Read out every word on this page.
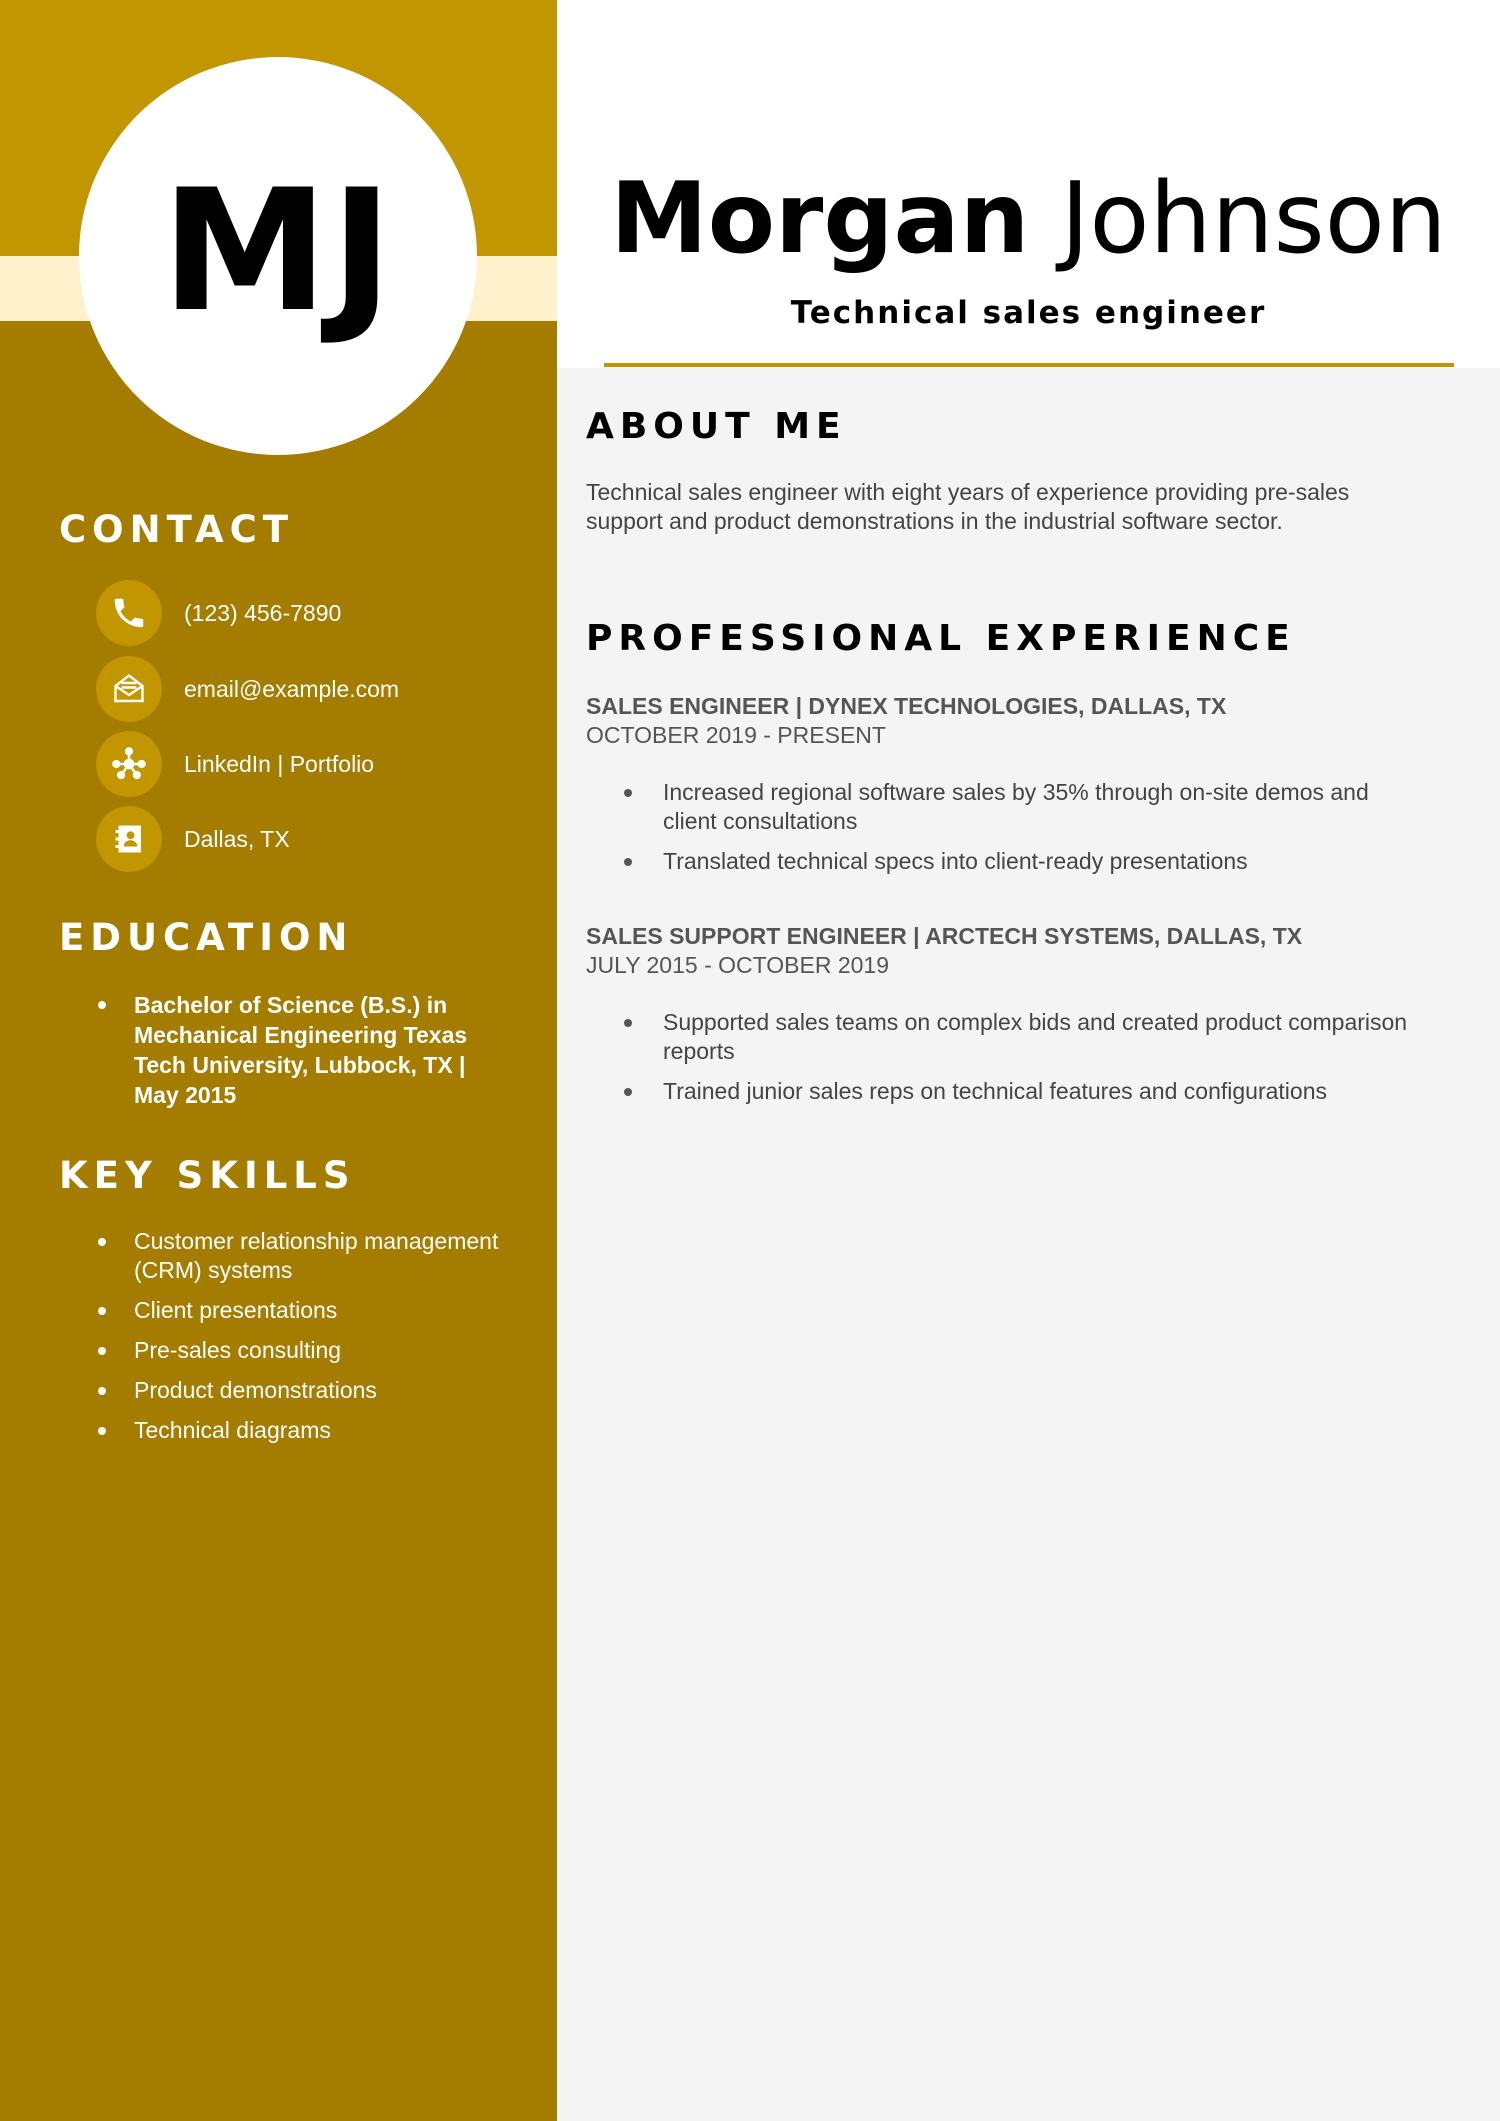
MJ
CONTACT
(123) 456-7890
email@example.com
LinkedIn | Portfolio
Dallas, TX
EDUCATION
Bachelor of Science (B.S.) in Mechanical Engineering Texas Tech University, Lubbock, TX | May 2015
KEY SKILLS
Customer relationship management (CRM) systems
Client presentations
Pre-sales consulting
Product demonstrations
Technical diagrams
Morgan Johnson
Technical sales engineer
ABOUT ME

Technical sales engineer with eight years of experience providing pre-sales support and product demonstrations in the industrial software sector.

PROFESSIONAL EXPERIENCE
SALES ENGINEER | DYNEX TECHNOLOGIES, DALLAS, TX
OCTOBER 2019 - PRESENT
Increased regional software sales by 35% through on-site demos and client consultations
Translated technical specs into client-ready presentations
SALES SUPPORT ENGINEER | ARCTECH SYSTEMS, DALLAS, TX
JULY 2015 - OCTOBER 2019
Supported sales teams on complex bids and created product comparison reports
Trained junior sales reps on technical features and configurations
